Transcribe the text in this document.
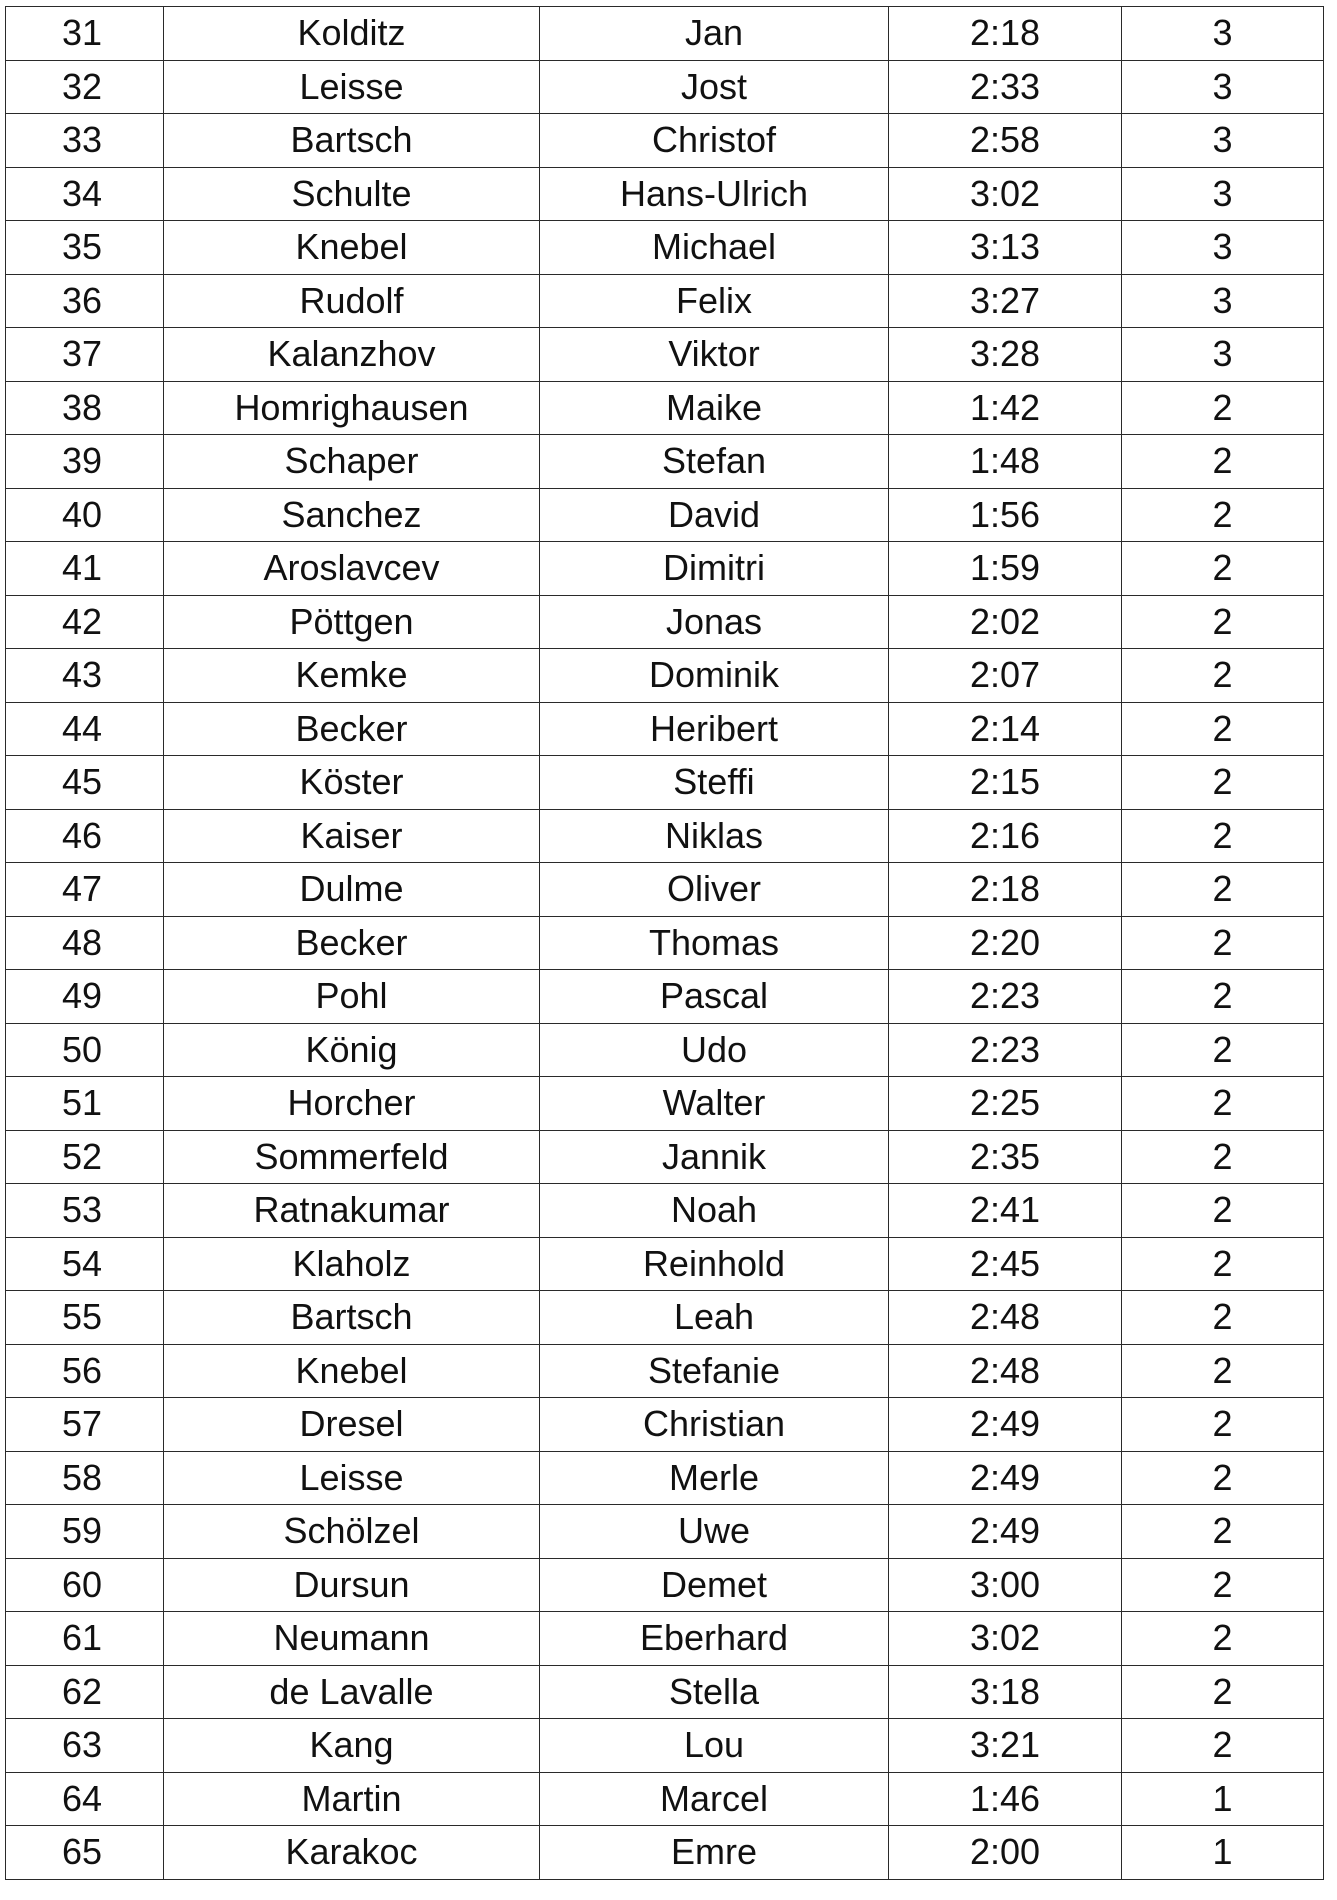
31	Kolditz	Jan	2:18	3
32	Leisse	Jost	2:33	3
33	Bartsch	Christof	2:58	3
34	Schulte	Hans-Ulrich	3:02	3
35	Knebel	Michael	3:13	3
36	Rudolf	Felix	3:27	3
37	Kalanzhov	Viktor	3:28	3
38	Homrighausen	Maike	1:42	2
39	Schaper	Stefan	1:48	2
40	Sanchez	David	1:56	2
41	Aroslavcev	Dimitri	1:59	2
42	Pöttgen	Jonas	2:02	2
43	Kemke	Dominik	2:07	2
44	Becker	Heribert	2:14	2
45	Köster	Steffi	2:15	2
46	Kaiser	Niklas	2:16	2
47	Dulme	Oliver	2:18	2
48	Becker	Thomas	2:20	2
49	Pohl	Pascal	2:23	2
50	König	Udo	2:23	2
51	Horcher	Walter	2:25	2
52	Sommerfeld	Jannik	2:35	2
53	Ratnakumar	Noah	2:41	2
54	Klaholz	Reinhold	2:45	2
55	Bartsch	Leah	2:48	2
56	Knebel	Stefanie	2:48	2
57	Dresel	Christian	2:49	2
58	Leisse	Merle	2:49	2
59	Schölzel	Uwe	2:49	2
60	Dursun	Demet	3:00	2
61	Neumann	Eberhard	3:02	2
62	de Lavalle	Stella	3:18	2
63	Kang	Lou	3:21	2
64	Martin	Marcel	1:46	1
65	Karakoc	Emre	2:00	1
